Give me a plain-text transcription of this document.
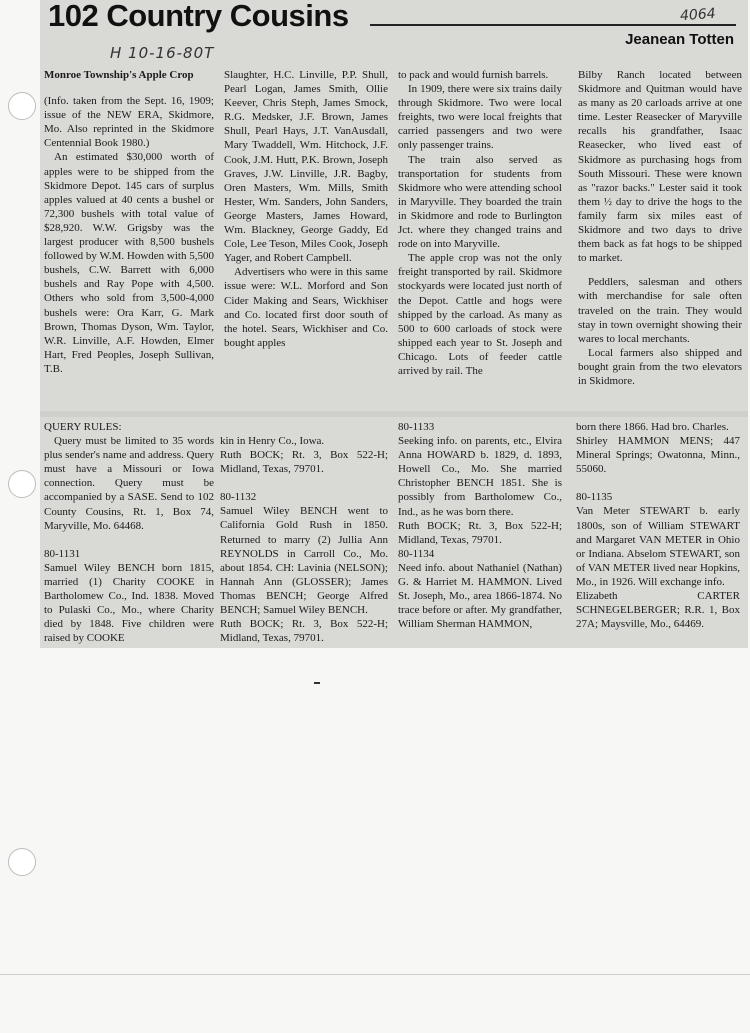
102 Country Cousins
Jeanean Totten
4064
H 10-16-80T

Monroe Township's Apple Crop

(Info. taken from the Sept. 16, 1909; issue of the NEW ERA, Skidmore, Mo. Also reprinted in the Skidmore Centennial Book 1980.)

An estimated $30,000 worth of apples were to be shipped from the Skidmore Depot. 145 cars of surplus apples valued at 40 cents a bushel or 72,300 bushels with total value of $28,920. W.W. Grigsby was the largest producer with 8,500 bushels followed by W.M. Howden with 5,500 bushels, C.W. Barrett with 6,000 bushels and Ray Pope with 4,500. Others who sold from 3,500-4,000 bushels were: Ora Karr, G. Mark Brown, Thomas Dyson, Wm. Taylor, W.R. Linville, A.F. Howden, Elmer Hart, Fred Peoples, Joseph Sullivan, T.B.

Slaughter, H.C. Linville, P.P. Shull, Pearl Logan, James Smith, Ollie Keever, Chris Steph, James Smock, R.G. Medsker, J.F. Brown, James Shull, Pearl Hays, J.T. VanAusdall, Mary Twaddell, Wm. Hitchock, J.F. Cook, J.M. Hutt, P.K. Brown, Joseph Graves, J.W. Linville, J.R. Bagby, Oren Masters, Wm. Mills, Smith Hester, Wm. Sanders, John Sanders, George Masters, James Howard, Wm. Blackney, George Gaddy, Ed Cole, Lee Teson, Miles Cook, Joseph Yager, and Robert Campbell.

Advertisers who were in this same issue were: W.L. Morford and Son Cider Making and Sears, Wickhiser and Co. located first door south of the hotel. Sears, Wickhiser and Co. bought apples

to pack and would furnish barrels.

In 1909, there were six trains daily through Skidmore. Two were local freights, two were local freights that carried passengers and two were only passenger trains.

The train also served as transportation for students from Skidmore who were attending school in Maryville. They boarded the train in Skidmore and rode to Burlington Jct. where they changed trains and rode on into Maryville.

The apple crop was not the only freight transported by rail. Skidmore stockyards were located just north of the Depot. Cattle and hogs were shipped by the carload. As many as 500 to 600 carloads of stock were shipped each year to St. Joseph and Chicago. Lots of feeder cattle arrived by rail. The

Bilby Ranch located between Skidmore and Quitman would have as many as 20 carloads arrive at one time. Lester Reasecker of Maryville recalls his grandfather, Isaac Reasecker, who lived east of Skidmore as purchasing hogs from South Missouri. These were known as "razor backs." Lester said it took them ½ day to drive the hogs to the family farm six miles east of Skidmore and two days to drive them back as fat hogs to be shipped to market.

Peddlers, salesman and others with merchandise for sale often traveled on the train. They would stay in town overnight showing their wares to local merchants.

Local farmers also shipped and bought grain from the two elevators in Skidmore.

QUERY RULES:

Query must be limited to 35 words plus sender's name and address. Query must have a Missouri or Iowa connection. Query must be accompanied by a SASE. Send to 102 County Cousins, Rt. 1, Box 74, Maryville, Mo. 64468.

80-1131

Samuel Wiley BENCH born 1815, married (1) Charity COOKE in Bartholomew Co., Ind. 1838. Moved to Pulaski Co., Mo., where Charity died by 1848. Five children were raised by COOKE

kin in Henry Co., Iowa.

Ruth BOCK; Rt. 3, Box 522-H; Midland, Texas, 79701.

80-1132

Samuel Wiley BENCH went to California Gold Rush in 1850. Returned to marry (2) Jullia Ann REYNOLDS in Carroll Co., Mo. about 1854. CH: Lavinia (NELSON); Hannah Ann (GLOSSER); James Thomas BENCH; George Alfred BENCH; Samuel Wiley BENCH.

Ruth BOCK; Rt. 3, Box 522-H; Midland, Texas, 79701.

80-1133

Seeking info. on parents, etc., Elvira Anna HOWARD b. 1829, d. 1893, Howell Co., Mo. She married Christopher BENCH 1851. She is possibly from Bartholomew Co., Ind., as he was born there.

Ruth BOCK; Rt. 3, Box 522-H; Midland, Texas, 79701.

80-1134

Need info. about Nathaniel (Nathan) G. & Harriet M. HAMMON. Lived St. Joseph, Mo., area 1866-1874. No trace before or after. My grandfather, William Sherman HAMMON,

born there 1866. Had bro. Charles.

Shirley HAMMON MENS; 447 Mineral Springs; Owatonna, Minn., 55060.

80-1135

Van Meter STEWART b. early 1800s, son of William STEWART and Margaret VAN METER in Ohio or Indiana. Abselom STEWART, son of VAN METER lived near Hopkins, Mo., in 1926. Will exchange info.

Elizabeth CARTER SCHNEGELBERGER; R.R. 1, Box 27A; Maysville, Mo., 64469.
